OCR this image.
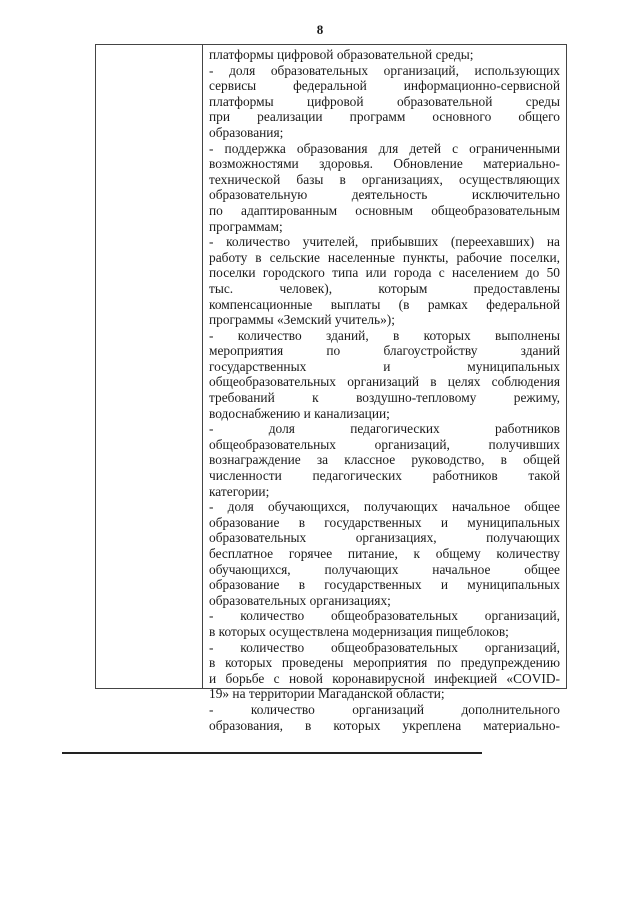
8
платформы цифровой образовательной среды;
- доля образовательных организаций, использующих
сервисы федеральной информационно-сервисной
платформы цифровой образовательной среды
при реализации программ основного общего
образования;
- поддержка образования для детей с ограниченными
возможностями здоровья. Обновление материально-
технической базы в организациях, осуществляющих
образовательную деятельность исключительно
по адаптированным основным общеобразовательным
программам;
- количество учителей, прибывших (переехавших) на
работу в сельские населенные пункты, рабочие поселки,
поселки городского типа или города с населением до 50
тыс. человек), которым предоставлены
компенсационные выплаты (в рамках федеральной
программы «Земский учитель»);
- количество зданий, в которых выполнены
мероприятия по благоустройству зданий
государственных и муниципальных
общеобразовательных организаций в целях соблюдения
требований к воздушно-тепловому режиму,
водоснабжению и канализации;
- доля педагогических работников
общеобразовательных организаций, получивших
вознаграждение за классное руководство, в общей
численности педагогических работников такой
категории;
- доля обучающихся, получающих начальное общее
образование в государственных и муниципальных
образовательных организациях, получающих
бесплатное горячее питание, к общему количеству
обучающихся, получающих начальное общее
образование в государственных и муниципальных
образовательных организациях;
- количество общеобразовательных организаций,
в которых осуществлена модернизация пищеблоков;
- количество общеобразовательных организаций,
в которых проведены мероприятия по предупреждению
и борьбе с новой коронавирусной инфекцией «COVID-
19» на территории Магаданской области;
- количество организаций дополнительного
образования, в которых укреплена материально-
